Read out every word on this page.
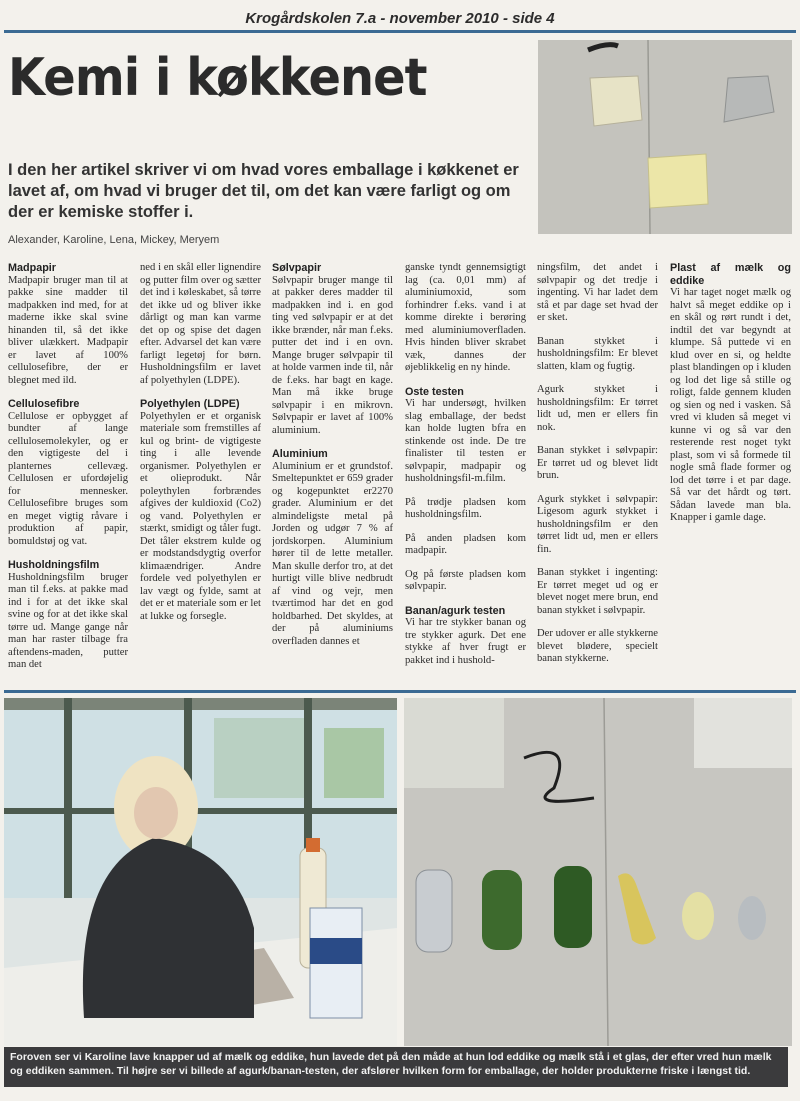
Krogårdskolen 7.a - november 2010 - side 4
Kemi i køkkenet

I den her artikel skriver vi om hvad vores emballage i køkkenet er lavet af, om hvad vi bruger det til, om det kan være farligt og om der er kemiske stoffer i.

Alexander, Karoline, Lena, Mickey, Meryem
Madpapir

Madpapir bruger man til at pakke sine madder til madpakken ind med, for at maderne ikke skal svine hinanden til, så det ikke bliver ulækkert. Madpapir er lavet af 100% cellulosefibre, der er blegnet med ild.

Cellulosefibre

Cellulose er opbygget af bundter af lange cellulosemolekyler, og er den vigtigeste del i planternes cellevæg. Cellulosen er ufordøjelig for mennesker. Cellulosefibre bruges som en meget vigtig råvare i produktion af papir, bomuldstøj og vat.

Husholdningsfilm

Husholdningsfilm bruger man til f.eks. at pakke mad ind i for at det ikke skal svine og for at det ikke skal tørre ud. Mange gange når man har raster tilbage fra aftendens-maden, putter man det

ned i en skål eller lignendire og putter film over og sætter det ind i køleskabet, så tørre det ikke ud og bliver ikke dårligt og man kan varme det op og spise det dagen efter. Advarsel det kan være farligt legetøj for børn. Husholdningsfilm er lavet af polyethylen (LDPE).

Polyethylen (LDPE)

Polyethylen er et organisk materiale som fremstilles af kul og brint- de vigtigeste ting i alle levende organismer. Polyethylen er et olieprodukt. Når poleythylen forbrændes afgives der kuldioxid (Co2) og vand. Polyethylen er stærkt, smidigt og tåler fugt. Det tåler ekstrem kulde og er modstandsdygtig overfor klimaændriger. Andre fordele ved polyethylen er lav vægt og fylde, samt at det er et materiale som er let at lukke og forsegle.

Sølvpapir

Sølvpapir bruger mange til at pakker deres madder til madpakken ind i. en god ting ved sølvpapir er at det ikke brænder, når man f.eks. putter det ind i en ovn. Mange bruger sølvpapir til at holde varmen inde til, når de f.eks. har bagt en kage. Man må ikke bruge sølvpapir i en mikrovn. Sølvpapir er lavet af 100% aluminium.

Aluminium

Aluminium er et grundstof. Smeltepunktet er 659 grader og kogepunktet er2270 grader. Aluminium er det almindeligste metal på Jorden og udgør 7 % af jordskorpen. Aluminium hører til de lette metaller. Man skulle derfor tro, at det hurtigt ville blive nedbrudt af vind og vejr, men tværtimod har det en god holdbarhed. Det skyldes, at der på aluminiums overfladen dannes et

ganske tyndt gennemsigtigt lag (ca. 0,01 mm) af aluminiumoxid, som forhindrer f.eks. vand i at komme direkte i berøring med aluminiumoverfladen. Hvis hinden bliver skrabet væk, dannes der øjeblikkelig en ny hinde.

Oste testen

Vi har undersøgt, hvilken slag emballage, der bedst kan holde lugten bfra en stinkende ost inde. De tre finalister til testen er sølvpapir, madpapir og husholdningsfil-m.film.

På trødje pladsen kom husholdningsfilm.

På anden pladsen kom madpapir.

Og på første pladsen kom sølvpapir.

Banan/agurk testen

Vi har tre stykker banan og tre stykker agurk. Det ene stykke af hver frugt er pakket ind i hushold-

ningsfilm, det andet i sølvpapir og det tredje i ingenting. Vi har ladet dem stå et par dage set hvad der er sket.

Banan stykket i husholdningsfilm: Er blevet slatten, klam og fugtig.

Agurk stykket i husholdningsfilm: Er tørret lidt ud, men er ellers fin nok.

Banan stykket i sølvpapir: Er tørret ud og blevet lidt brun.

Agurk stykket i sølvpapir: Ligesom agurk stykket i husholdningsfilm er den tørret lidt ud, men er ellers fin.

Banan stykket i ingenting: Er tørret meget ud og er blevet noget mere brun, end banan stykket i sølvpapir.

Der udover er alle stykkerne blevet blødere, specielt banan stykkerne.

Plast af mælk og eddike

Vi har taget noget mælk og halvt så meget eddike op i en skål og rørt rundt i det, indtil det var begyndt at klumpe. Så puttede vi en klud over en si, og heldte plast blandingen op i kluden og lod det lige så stille og roligt, falde gennem kluden og sien og ned i vasken. Så vred vi kluden så meget vi kunne vi og så var den resterende rest noget tykt plast, som vi så formede til nogle små flade former og lod det tørre i et par dage. Så var det hårdt og tørt. Sådan lavede man bla. Knapper i gamle dage.

Foroven ser vi Karoline lave knapper ud af mælk og eddike, hun lavede det på den måde at hun lod eddike og mælk stå i et glas, der efter vred hun mælk og eddiken sammen. Til højre ser vi billede af agurk/banan-testen, der afslører hvilken form for emballage, der holder produkterne friske i længst tid.
